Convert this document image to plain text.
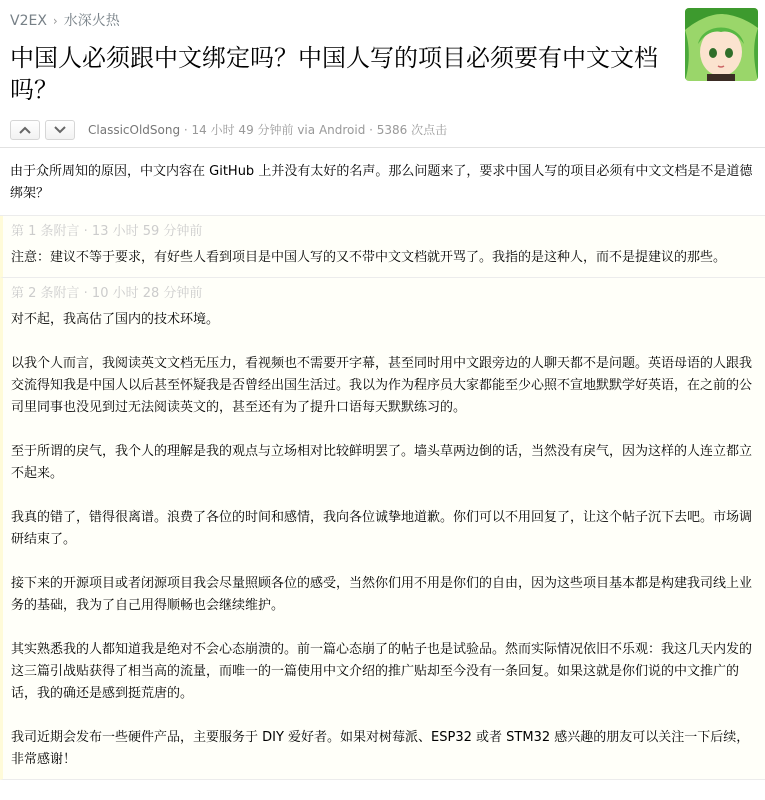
V2EX › 水深火热
中国人必须跟中文绑定吗？中国人写的项目必须要有中文文档吗？
ClassicOldSong · 14 小时 49 分钟前 via Android · 5386 次点击
由于众所周知的原因，中文内容在 GitHub 上并没有太好的名声。那么问题来了，要求中国人写的项目必须有中文文档是不是道德绑架？
第 1 条附言 · 13 小时 59 分钟前

注意：建议不等于要求，有好些人看到项目是中国人写的又不带中文文档就开骂了。我指的是这种人，而不是提建议的那些。

第 2 条附言 · 10 小时 28 分钟前

对不起，我高估了国内的技术环境。

以我个人而言，我阅读英文文档无压力，看视频也不需要开字幕，甚至同时用中文跟旁边的人聊天都不是问题。英语母语的人跟我交流得知我是中国人以后甚至怀疑我是否曾经出国生活过。我以为作为程序员大家都能至少心照不宣地默默学好英语，在之前的公司里同事也没见到过无法阅读英文的，甚至还有为了提升口语每天默默练习的。

至于所谓的戾气，我个人的理解是我的观点与立场相对比较鲜明罢了。墙头草两边倒的话，当然没有戾气，因为这样的人连立都立不起来。

我真的错了，错得很离谱。浪费了各位的时间和感情，我向各位诚挚地道歉。你们可以不用回复了，让这个帖子沉下去吧。市场调研结束了。

接下来的开源项目或者闭源项目我会尽量照顾各位的感受，当然你们用不用是你们的自由，因为这些项目基本都是构建我司线上业务的基础，我为了自己用得顺畅也会继续维护。

其实熟悉我的人都知道我是绝对不会心态崩溃的。前一篇心态崩了的帖子也是试验品。然而实际情况依旧不乐观：我这几天内发的这三篇引战贴获得了相当高的流量，而唯一的一篇使用中文介绍的推广贴却至今没有一条回复。如果这就是你们说的中文推广的话，我的确还是感到挺荒唐的。

我司近期会发布一些硬件产品，主要服务于 DIY 爱好者。如果对树莓派、ESP32 或者 STM32 感兴趣的朋友可以关注一下后续，非常感谢！
